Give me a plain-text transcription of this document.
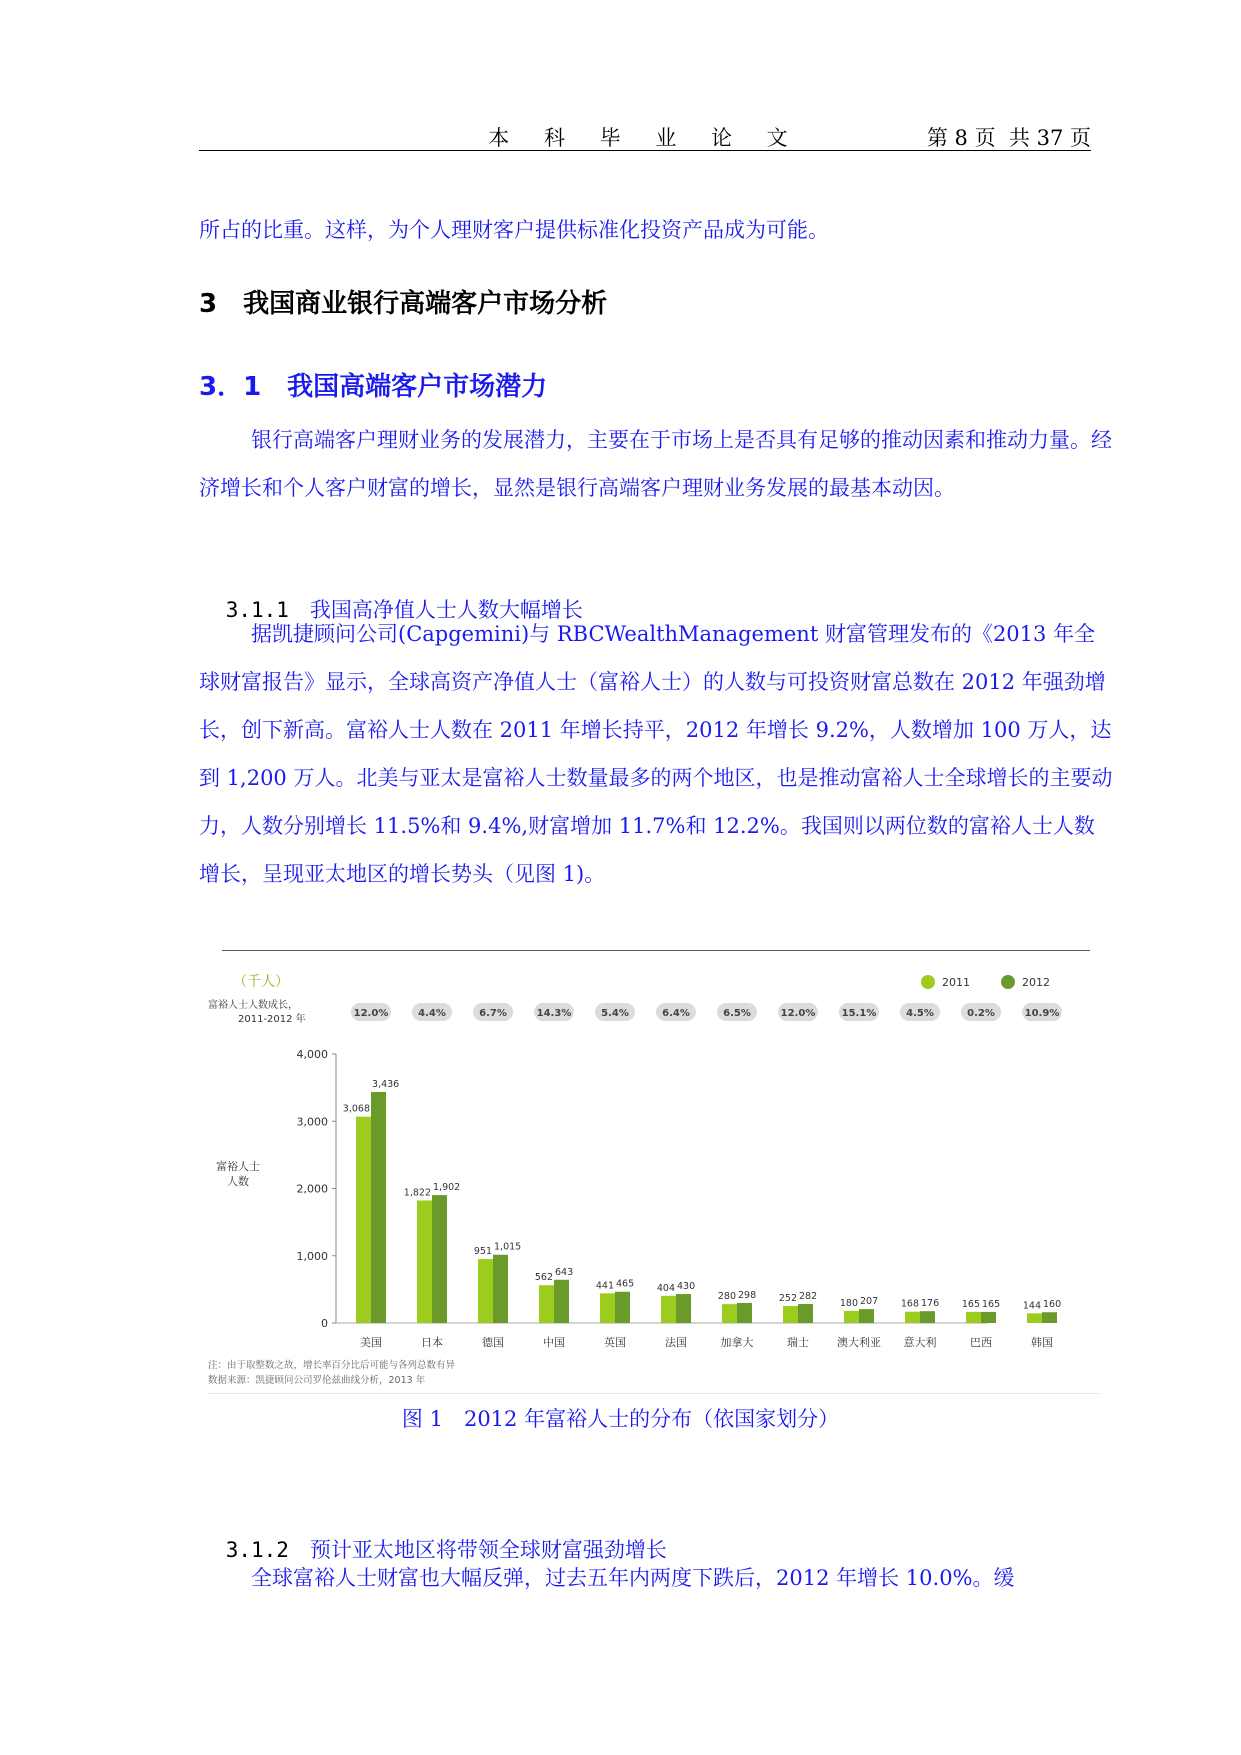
本 科 毕 业 论 文	第 8 页  共 37 页
所占的比重。这样，为个人理财客户提供标准化投资产品成为可能。
3　我国商业银行高端客户市场分析
3．1　我国高端客户市场潜力
银行高端客户理财业务的发展潜力，主要在于市场上是否具有足够的推动因素和推动力量。经济增长和个人客户财富的增长，显然是银行高端客户理财业务发展的最基本动因。

3.1.1　 我国高净值人士人数大幅增长

据凯捷顾问公司(Capgemini)与 RBCWealthManagement 财富管理发布的《2013 年全球财富报告》显示，全球高资产净值人士（富裕人士）的人数与可投资财富总数在 2012 年强劲增长，创下新高。富裕人士人数在 2011 年增长持平，2012 年增长 9.2%，人数增加 100 万人，达到 1,200 万人。北美与亚太是富裕人士数量最多的两个地区，也是推动富裕人士全球增长的主要动力，人数分别增长 11.5%和 9.4%,财富增加 11.7%和 12.2%。我国则以两位数的富裕人士人数增长，呈现亚太地区的增长势头（见图 1)。
（千人）	2011	2012
富裕人士人数成长，
2011-2012 年
4,000
3,000
2,000
1,000
0
富裕人士
人数
12.0%
3,068
3,436
美国
4.4%
1,822 1,902
日本
6.7%
951 1,015
德国
14.3%
562 643
中国
5.4%
441 465
英国
6.4%
404 430
法国
6.5%
280 298
加拿大
12.0%
252 282
瑞士
15.1%
180 207
澳大利亚
4.5%
168 176
意大利
0.2%
165 165
巴西
10.9%
144 160
韩国
注：由于取整数之故，增长率百分比后可能与各列总数有异
数据来源：凯捷顾问公司罗伦兹曲线分析，2013 年
图 1　2012 年富裕人士的分布（依国家划分）

3.1.2　 预计亚太地区将带领全球财富强劲增长

全球富裕人士财富也大幅反弹，过去五年内两度下跌后，2012 年增长 10.0%。缓
